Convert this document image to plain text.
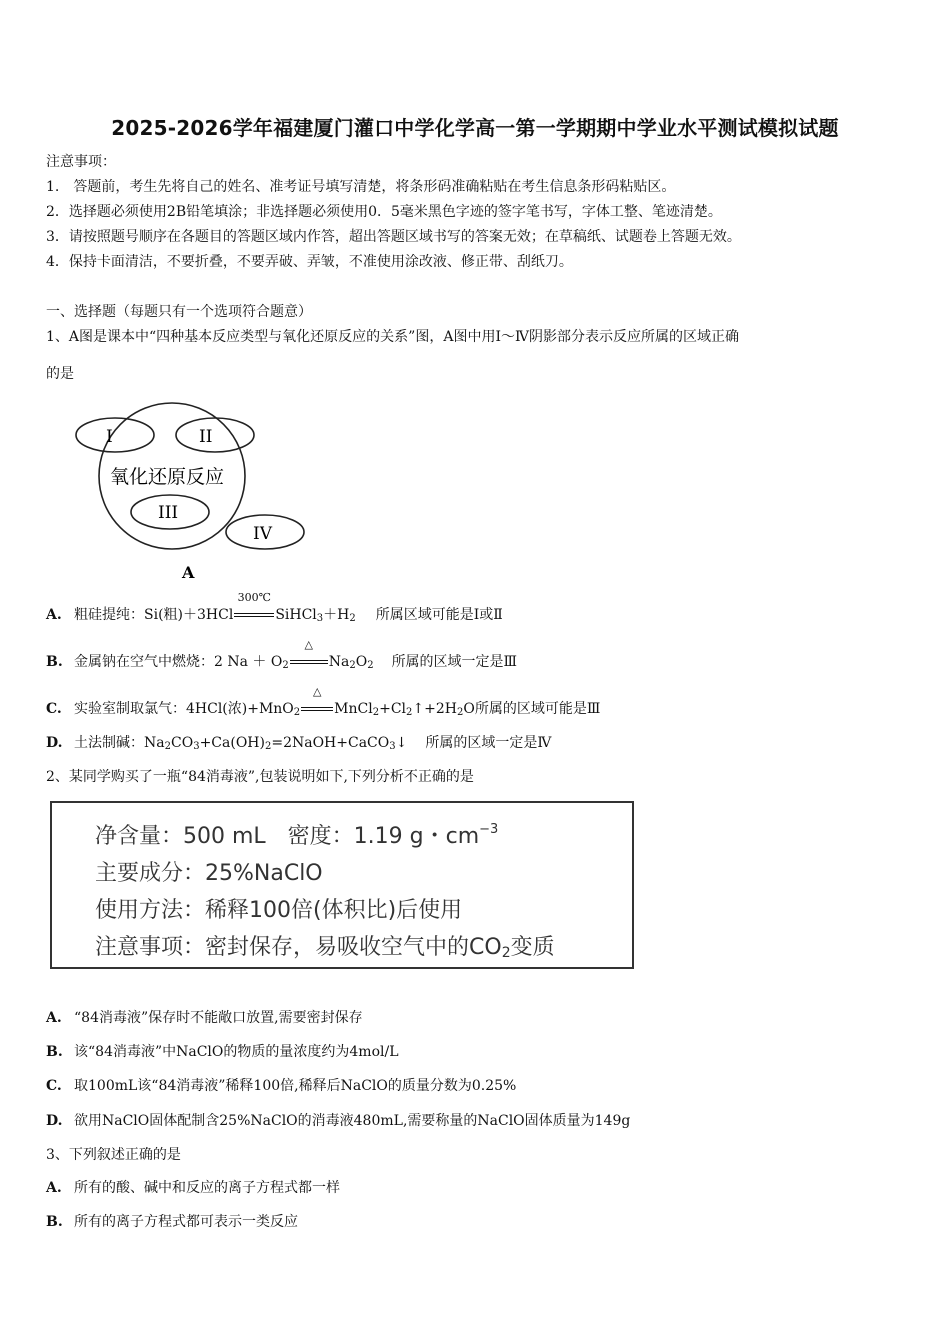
2025-2026学年福建厦门灌口中学化学高一第一学期期中学业水平测试模拟试题
注意事项：
1.　答题前，考生先将自己的姓名、准考证号填写清楚，将条形码准确粘贴在考生信息条形码粘贴区。
2．选择题必须使用2B铅笔填涂；非选择题必须使用0．5毫米黑色字迹的签字笔书写，字体工整、笔迹清楚。
3．请按照题号顺序在各题目的答题区域内作答，超出答题区域书写的答案无效；在草稿纸、试题卷上答题无效。
4．保持卡面清洁，不要折叠，不要弄破、弄皱，不准使用涂改液、修正带、刮纸刀。
一、选择题（每题只有一个选项符合题意）
1、A图是课本中“四种基本反应类型与氧化还原反应的关系”图，A图中用Ⅰ～Ⅳ阴影部分表示反应所属的区域正确
的是
I	II
氧化还原反应
III
IV
A
A. 粗硅提纯：Si(粗)＋3HCl
300℃
$SiHCl_3+H_2$ 所属区域可能是Ⅰ或Ⅱ
B. 金属钠在空气中燃烧：2 $Na + O_2$
△
$Na_2O_2$ 所属的区域一定是Ⅲ
C. 实验室制取氯气：4HCl(浓)+MnO$_2$
△
$MnCl_2+Cl_2↑+2H_2O$所属的区域可能是Ⅲ
D. 土法制碱：$Na_2CO_3+Ca(OH)_2=2NaOH+CaCO_3↓$ 所属的区域一定是Ⅳ
2、某同学购买了一瓶“84消毒液”,包装说明如下,下列分析不正确的是
净含量：500 mL　密度：1.19 g・$cm^{-3}$
主要成分：25%NaClO
使用方法：稀释100倍(体积比)后使用
注意事项：密封保存，易吸收空气中的CO2变质
A. “84消毒液”保存时不能敞口放置,需要密封保存
B. 该“84消毒液”中NaClO的物质的量浓度约为4mol/L
C. 取100mL该“84消毒液”稀释100倍,稀释后NaClO的质量分数为0.25%
D. 欲用NaClO固体配制含25%NaClO的消毒液480mL,需要称量的NaClO固体质量为149g
3、下列叙述正确的是
A. 所有的酸、碱中和反应的离子方程式都一样
B. 所有的离子方程式都可表示一类反应
